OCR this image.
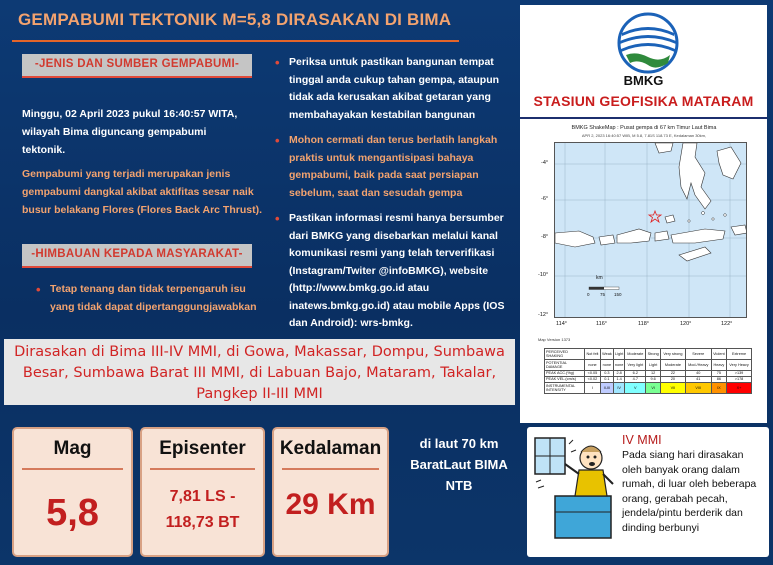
GEMPABUMI TEKTONIK M=5,8 DIRASAKAN DI BIMA
-JENIS DAN SUMBER GEMPABUMI-
Minggu, 02 April 2023 pukul 16:40:57 WITA, wilayah Bima diguncang gempabumi tektonik.
Gempabumi yang terjadi merupakan jenis gempabumi dangkal akibat aktifitas sesar naik busur belakang Flores (Flores Back Arc Thrust).
-HIMBAUAN KEPADA MASYARAKAT-
• Tetap tenang dan tidak terpengaruh isu yang tidak dapat dipertanggungjawabkan
• Periksa untuk pastikan bangunan tempat tinggal anda cukup tahan gempa, ataupun tidak ada kerusakan akibat getaran yang membahayakan kestabilan bangunan
• Mohon cermati dan terus berlatih langkah praktis untuk mengantisipasi bahaya gempabumi, baik pada saat persiapan sebelum, saat dan sesudah gempa
• Pastikan informasi resmi hanya bersumber dari BMKG yang disebarkan melalui kanal komunikasi resmi yang telah terverifikasi (Instagram/Twiter @infoBMKG), website (http://www.bmkg.go.id atau inatews.bmkg.go.id) atau mobile Apps (IOS dan Android): wrs-bmkg.
Dirasakan di Bima III-IV MMI, di Gowa, Makassar, Dompu, Sumbawa Besar, Sumbawa Barat III MMI, di Labuan Bajo, Mataram, Takalar, Pangkep II-III MMI
BMKG
STASIUN GEOFISIKA MATARAM
BMKG ShakeMap : Pusat gempa di 67 km Timur Laut Bima
APR 2, 2023 16:40:57 WIB, M 5.8, 7.81S 118.73 E, Kedalaman 30km,
km
0 75 150
-4°
-6°
-8°
-10°
-12°
114°	116°	118°	120°	122°
Map Version 1373
PERCEIVED SHAKING	Not felt	Weak	Light	Moderate	Strong	Very strong	Severe	Violent	Extreme
POTENTIAL DAMAGE	none	none	none	Very light	Light	Moderate	Mod./Heavy	Heavy	Very Heavy
PEAK ACC.(%g)	<0.05	0.3	2.8	6.2	12	22	40	75	>139
PEAK VEL.(cm/s)	<0.02	0.1	1.4	4.7	9.6	20	41	86	>178
INSTRUMENTAL INTENSITY	I	II-III	IV	V	VI	VII	VIII	IX	X+
Mag
5,8
Episenter
7,81 LS -
118,73 BT
Kedalaman
29 Km
di laut 70 km BaratLaut BIMA NTB
IV MMI
Pada siang hari dirasakan oleh banyak orang dalam rumah, di luar oleh beberapa orang, gerabah pecah, jendela/pintu berderik dan dinding berbunyi
